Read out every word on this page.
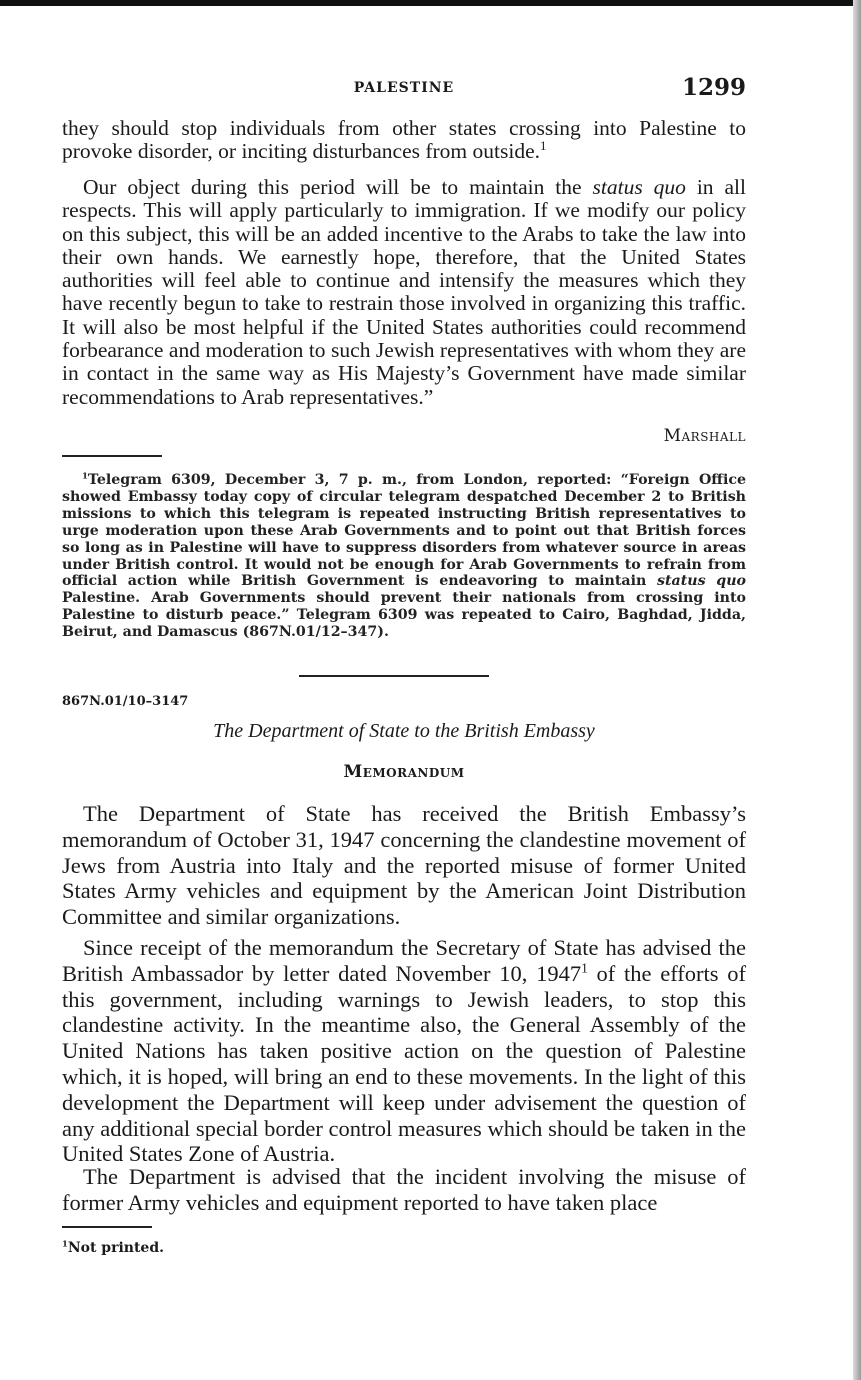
PALESTINE	1299

they should stop individuals from other states crossing into Palestine to provoke disorder, or inciting disturbances from outside.$^1$

Our object during this period will be to maintain the status quo in all respects. This will apply particularly to immigration. If we modify our policy on this subject, this will be an added incentive to the Arabs to take the law into their own hands. We earnestly hope, therefore, that the United States authorities will feel able to continue and intensify the measures which they have recently begun to take to restrain those involved in organizing this traffic. It will also be most helpful if the United States authorities could recommend forbearance and moderation to such Jewish representatives with whom they are in contact in the same way as His Majesty’s Government have made similar recommendations to Arab representatives.”

Marshall

$^1$Telegram 6309, December 3, 7 p. m., from London, reported: “Foreign Office showed Embassy today copy of circular telegram despatched December 2 to British missions to which this telegram is repeated instructing British representatives to urge moderation upon these Arab Governments and to point out that British forces so long as in Palestine will have to suppress disorders from whatever source in areas under British control. It would not be enough for Arab Governments to refrain from official action while British Government is endeavoring to maintain status quo Palestine. Arab Governments should prevent their nationals from crossing into Palestine to disturb peace.” Telegram 6309 was repeated to Cairo, Baghdad, Jidda, Beirut, and Damascus (867N.01/12–347).

867N.01/10–3147
The Department of State to the British Embassy
Memorandum

The Department of State has received the British Embassy’s memorandum of October 31, 1947 concerning the clandestine movement of Jews from Austria into Italy and the reported misuse of former United States Army vehicles and equipment by the American Joint Distribution Committee and similar organizations.

Since receipt of the memorandum the Secretary of State has advised the British Ambassador by letter dated November 10, 1947$^1$ of the efforts of this government, including warnings to Jewish leaders, to stop this clandestine activity. In the meantime also, the General Assembly of the United Nations has taken positive action on the question of Palestine which, it is hoped, will bring an end to these movements. In the light of this development the Department will keep under advisement the question of any additional special border control measures which should be taken in the United States Zone of Austria.

The Department is advised that the incident involving the misuse of former Army vehicles and equipment reported to have taken place

$^1$Not printed.
